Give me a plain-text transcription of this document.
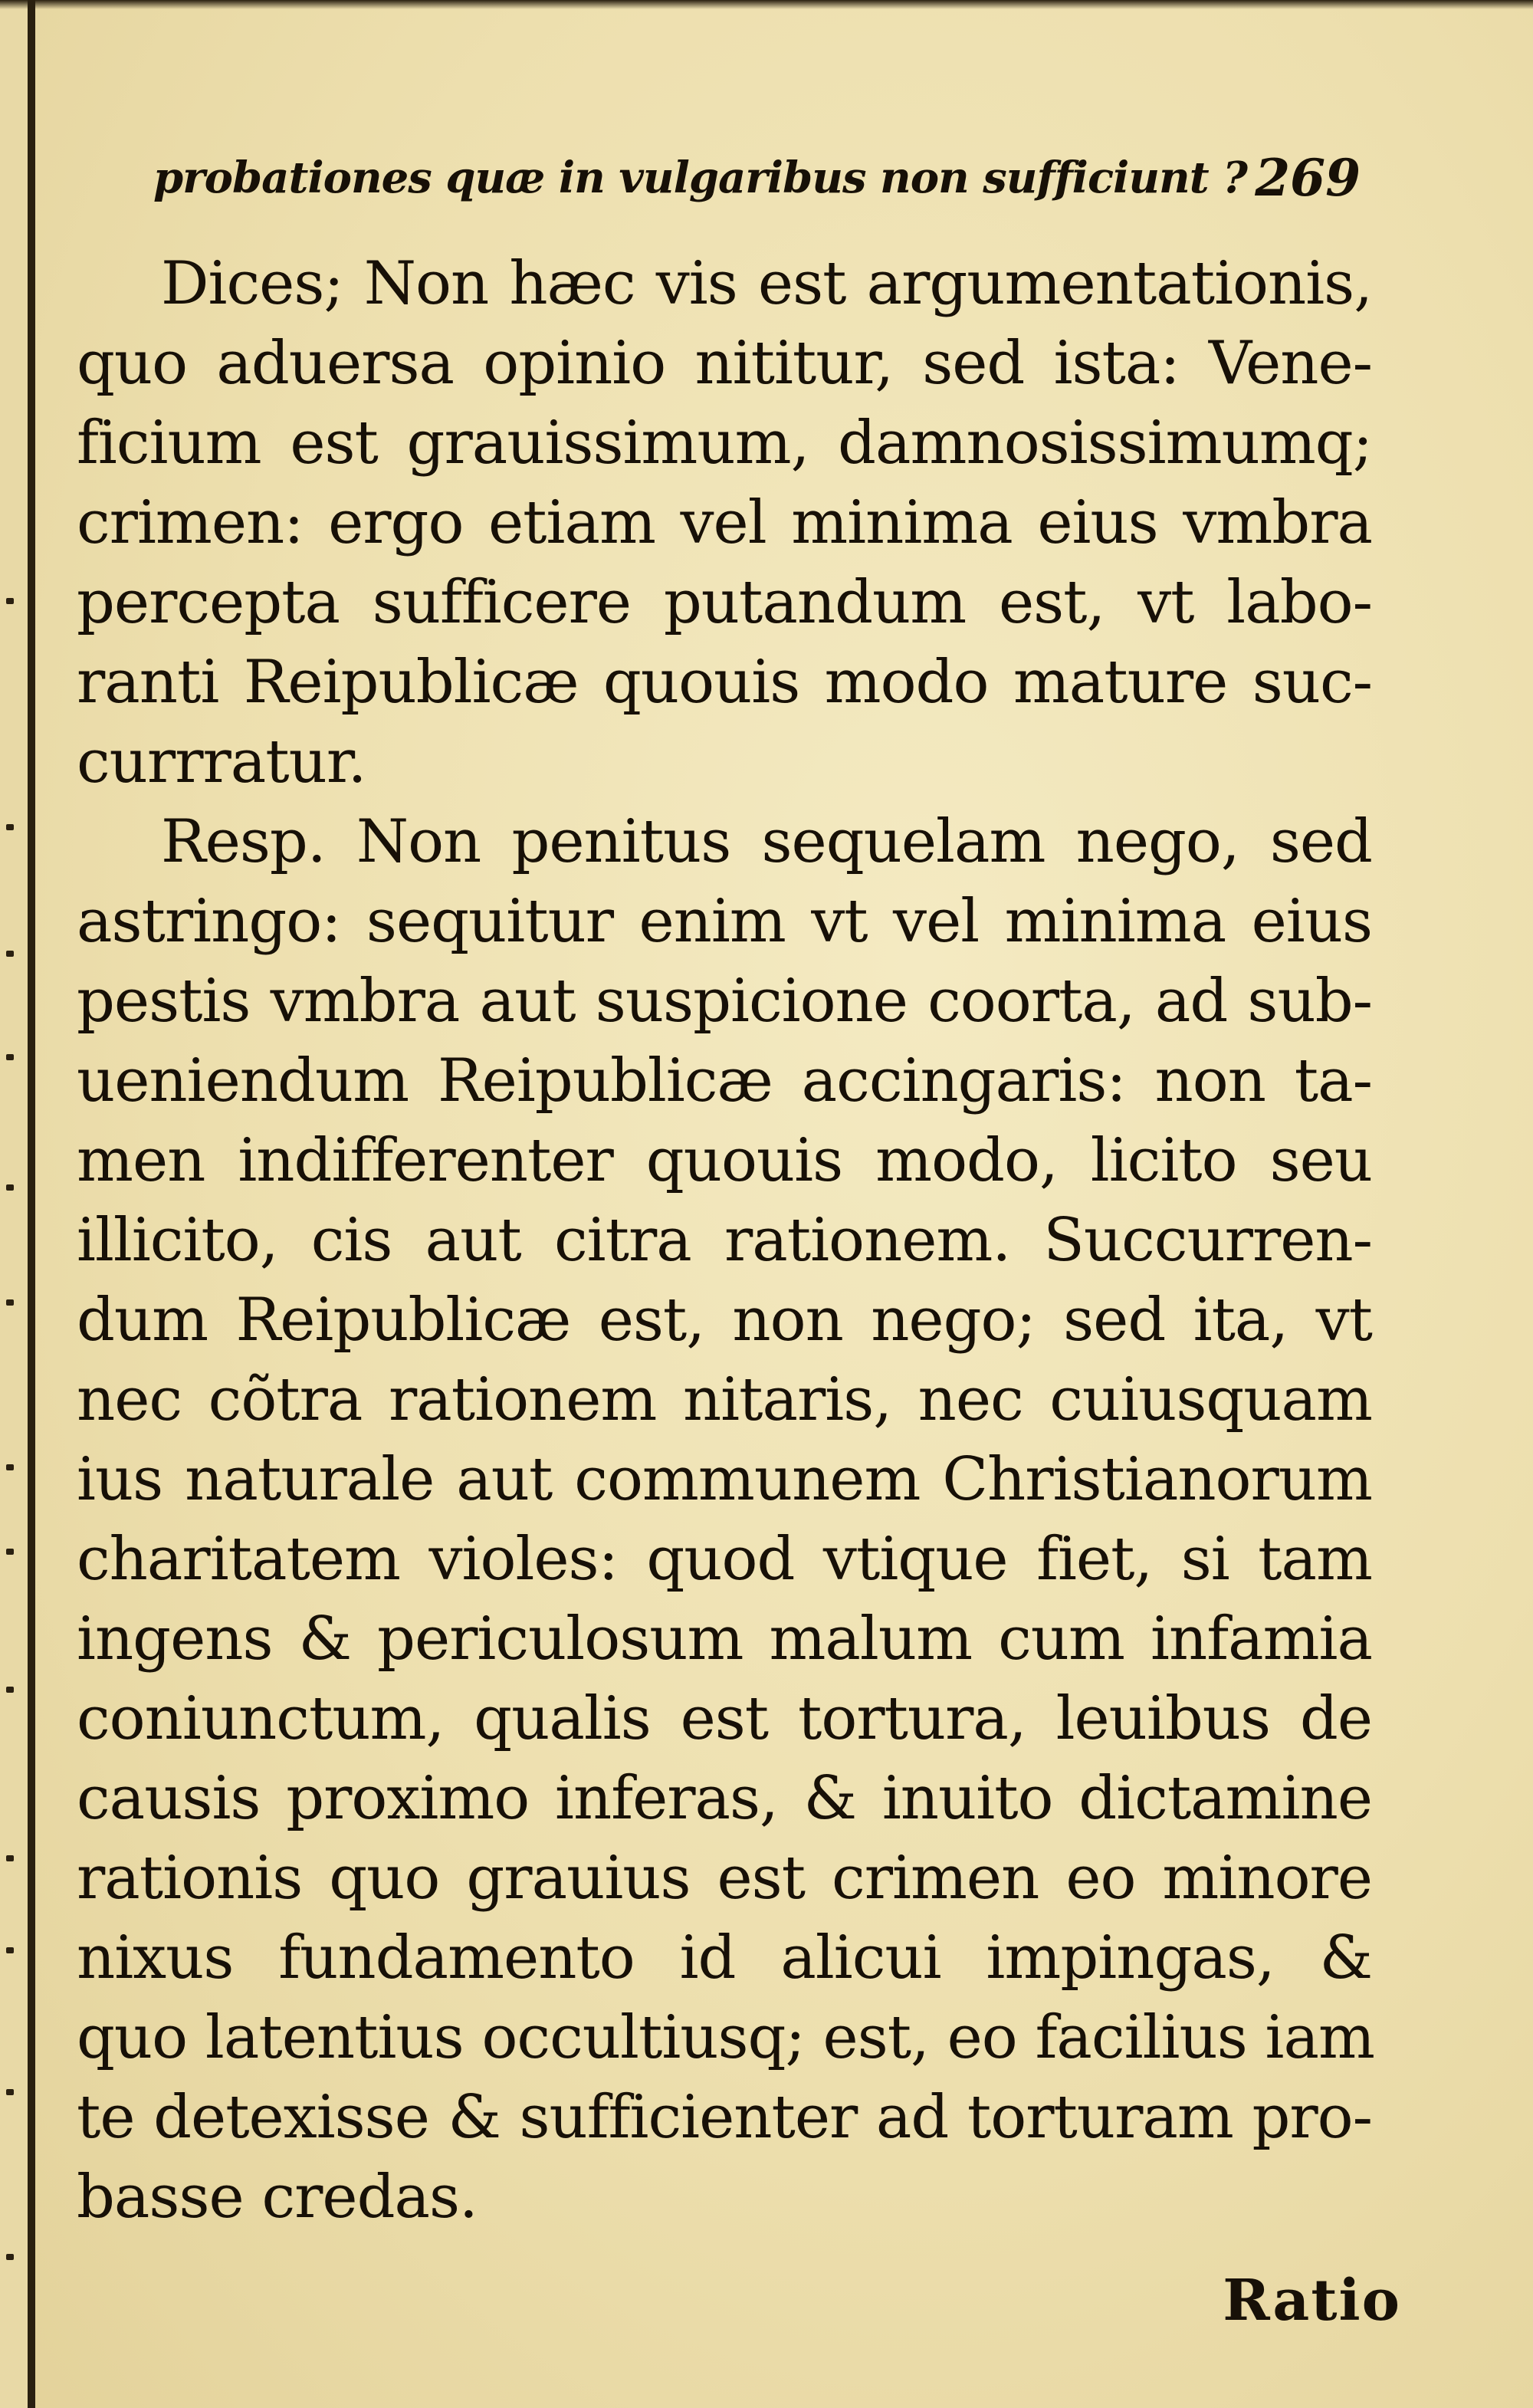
probationes quæ in vulgaribus non sufficiunt ? 269
Dices; Non hæc vis est argumentationis,
quo aduersa opinio nititur, sed ista: Vene-
ficium est grauissimum, damnosissimumq;
crimen: ergo etiam vel minima eius vmbra
percepta sufficere putandum est, vt labo-
ranti Reipublicæ quouis modo mature suc-
currratur.
Resp. Non penitus sequelam nego, sed
astringo: sequitur enim vt vel minima eius
pestis vmbra aut suspicione coorta, ad sub-
ueniendum Reipublicæ accingaris: non ta-
men indifferenter quouis modo, licito seu
illicito, cis aut citra rationem. Succurren-
dum Reipublicæ est, non nego; sed ita, vt
nec cõtra rationem nitaris, nec cuiusquam
ius naturale aut communem Christianorum
charitatem violes: quod vtique fiet, si tam
ingens & periculosum malum cum infamia
coniunctum, qualis est tortura, leuibus de
causis proximo inferas, & inuito dictamine
rationis quo grauius est crimen eo minore
nixus fundamento id alicui impingas, &
quo latentius occultiusq; est, eo facilius iam
te detexisse & sufficienter ad torturam pro-
basse credas.
Ratio
